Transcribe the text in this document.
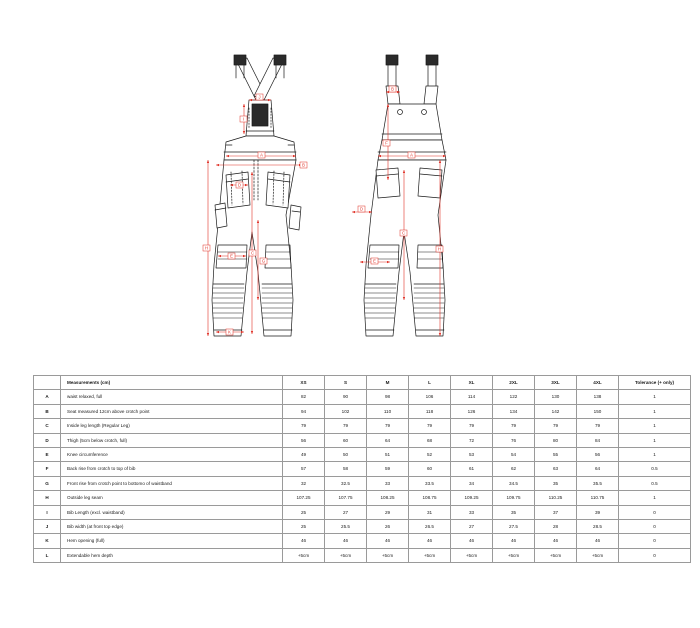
A
B
C
D
E
G
K
H
I
J
A
C
F
D
E
H
B
	Measurements (cm)	XS	S	M	L	XL	2XL	3XL	4XL	Tolerance (+ only)
A	waist relaxed, full	82	90	98	106	114	122	130	138	1
B	Seat measured 12cm above crotch point	94	102	110	118	126	134	142	150	1
C	Inside leg length (Regular Leg)	79	79	79	79	79	79	79	79	1
D	Thigh (5cm below crotch, full)	56	60	64	68	72	76	80	84	1
E	Knee circumference	49	50	51	52	53	54	55	56	1
F	Back rise from crotch to top of bib	57	58	59	60	61	62	63	64	0.5
G	Front rise from crotch point to bottomo of waistband	32	32.5	33	33.5	34	34.5	35	35.5	0.5
H	Outside leg seam	107.25	107.75	108.25	108.75	109.25	109.75	110.25	110.75	1
I	Bib Length (excl. waistband)	25	27	29	31	33	35	37	39	0
J	Bib width (at front top edge)	25	25.5	26	26.5	27	27.5	28	28.5	0
K	Hem opening (full)	46	46	46	46	46	46	46	46	0
L	Extendable hem depth	+5cm	+5cm	+5cm	+5cm	+5cm	+5cm	+5cm	+5cm	0
